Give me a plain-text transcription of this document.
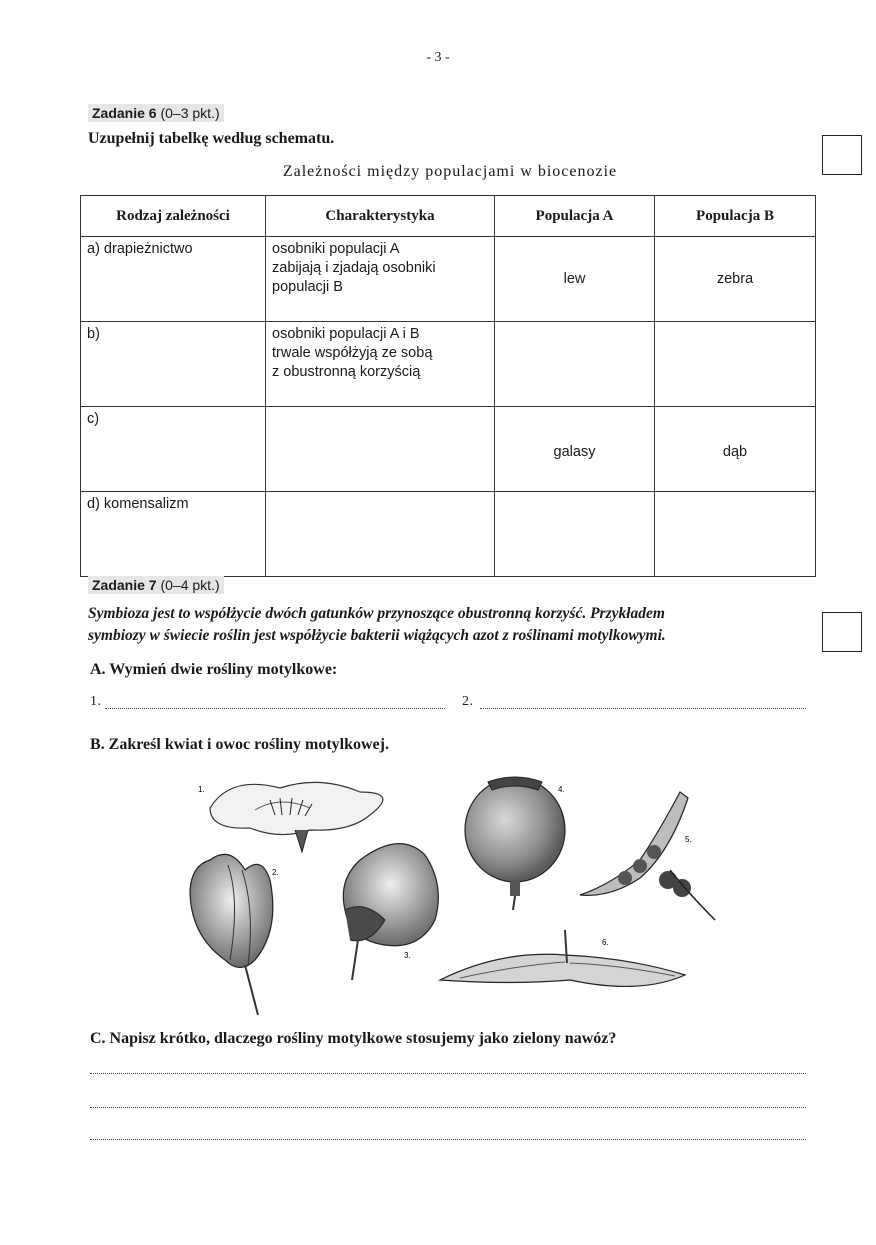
- 3 -
Zadanie 6 (0–3 pkt.)
Uzupełnij tabelkę według schematu.
Zależności między populacjami w biocenozie
Rodzaj zależności	Charakterystyka	Populacja A	Populacja B
a) drapieżnictwo	osobniki populacji A
zabijają i zjadają osobniki
populacji B	lew	zebra
b)	osobniki populacji A i B
trwale współżyją ze sobą
z obustronną korzyścią		

c)		galasy	dąb
d) komensalizm			
Zadanie 7 (0–4 pkt.)
Symbioza jest to współżycie dwóch gatunków przynoszące obustronną korzyść. Przykładem
symbiozy w świecie roślin jest współżycie bakterii wiążących azot z roślinami motylkowymi.
A. Wymień dwie rośliny motylkowe:
1.	2.
B. Zakreśl kwiat i owoc rośliny motylkowej.
1.
2.
3.
4.
5.
6.
C. Napisz krótko, dlaczego rośliny motylkowe stosujemy jako zielony nawóz?
